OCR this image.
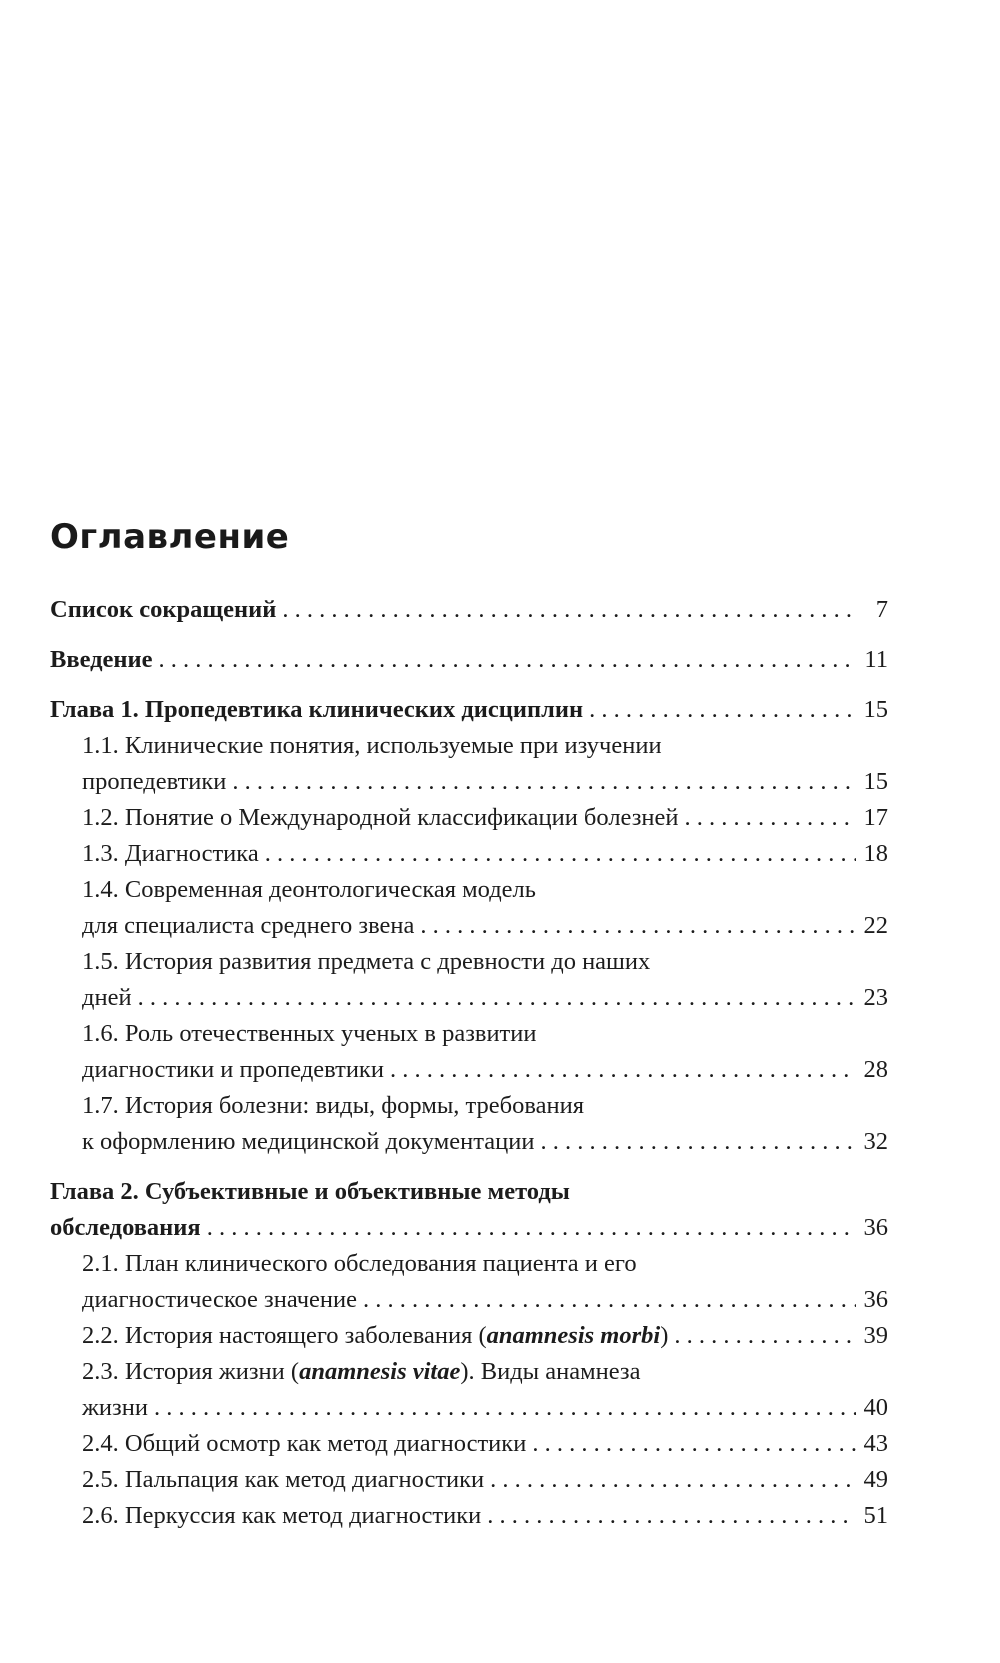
Оглавление
Список сокращений . . .	7
Введение . . .	11
Глава 1. Пропедевтика клинических дисциплин . . .	15
1.1. Клинические понятия, используемые при изучении
пропедевтики . . .	15
1.2. Понятие о Международной классификации болезней . . .	17
1.3. Диагностика . . .	18
1.4. Современная деонтологическая модель
для специалиста среднего звена . . .	22
1.5. История развития предмета с древности до наших
дней . . .	23
1.6. Роль отечественных ученых в развитии
диагностики и пропедевтики . . .	28
1.7. История болезни: виды, формы, требования
к оформлению медицинской документации . . .	32
Глава 2. Субъективные и объективные методы
обследования . . .	36
2.1. План клинического обследования пациента и его
диагностическое значение . . .	36
2.2. История настоящего заболевания (anamnesis morbi) . . .	39
2.3. История жизни (anamnesis vitae). Виды анамнеза
жизни . . .	40
2.4. Общий осмотр как метод диагностики . . .	43
2.5. Пальпация как метод диагностики . . .	49
2.6. Перкуссия как метод диагностики . . .	51
